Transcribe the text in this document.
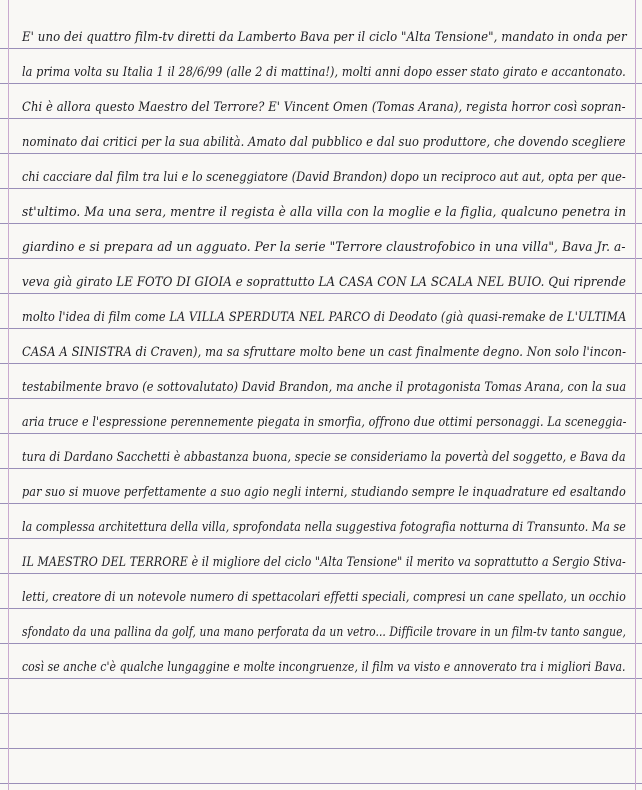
E' uno dei quattro film-tv diretti da Lamberto Bava per il ciclo "Alta Tensione", mandato in onda per
la prima volta su Italia 1 il 28/6/99 (alle 2 di mattina!), molti anni dopo esser stato girato e accantonato.
Chi è allora questo Maestro del Terrore? E' Vincent Omen (Tomas Arana), regista horror così sopran-
nominato dai critici per la sua abilità. Amato dal pubblico e dal suo produttore, che dovendo scegliere
chi cacciare dal film tra lui e lo sceneggiatore (David Brandon) dopo un reciproco aut aut, opta per que-
st'ultimo. Ma una sera, mentre il regista è alla villa con la moglie e la figlia, qualcuno penetra in
giardino e si prepara ad un agguato. Per la serie "Terrore claustrofobico in una villa", Bava Jr. a-
veva già girato LE FOTO DI GIOIA e soprattutto LA CASA CON LA SCALA NEL BUIO. Qui riprende
molto l'idea di film come LA VILLA SPERDUTA NEL PARCO di Deodato (già quasi-remake de L'ULTIMA
CASA A SINISTRA di Craven), ma sa sfruttare molto bene un cast finalmente degno. Non solo l'incon-
testabilmente bravo (e sottovalutato) David Brandon, ma anche il protagonista Tomas Arana, con la sua
aria truce e l'espressione perennemente piegata in smorfia, offrono due ottimi personaggi. La sceneggia-
tura di Dardano Sacchetti è abbastanza buona, specie se consideriamo la povertà del soggetto, e Bava da
par suo si muove perfettamente a suo agio negli interni, studiando sempre le inquadrature ed esaltando
la complessa architettura della villa, sprofondata nella suggestiva fotografia notturna di Transunto. Ma se
IL MAESTRO DEL TERRORE è il migliore del ciclo "Alta Tensione" il merito va soprattutto a Sergio Stiva-
letti, creatore di un notevole numero di spettacolari effetti speciali, compresi un cane spellato, un occhio
sfondato da una pallina da golf, una mano perforata da un vetro... Difficile trovare in un film-tv tanto sangue,
così se anche c'è qualche lungaggine e molte incongruenze, il film va visto e annoverato tra i migliori Bava.
